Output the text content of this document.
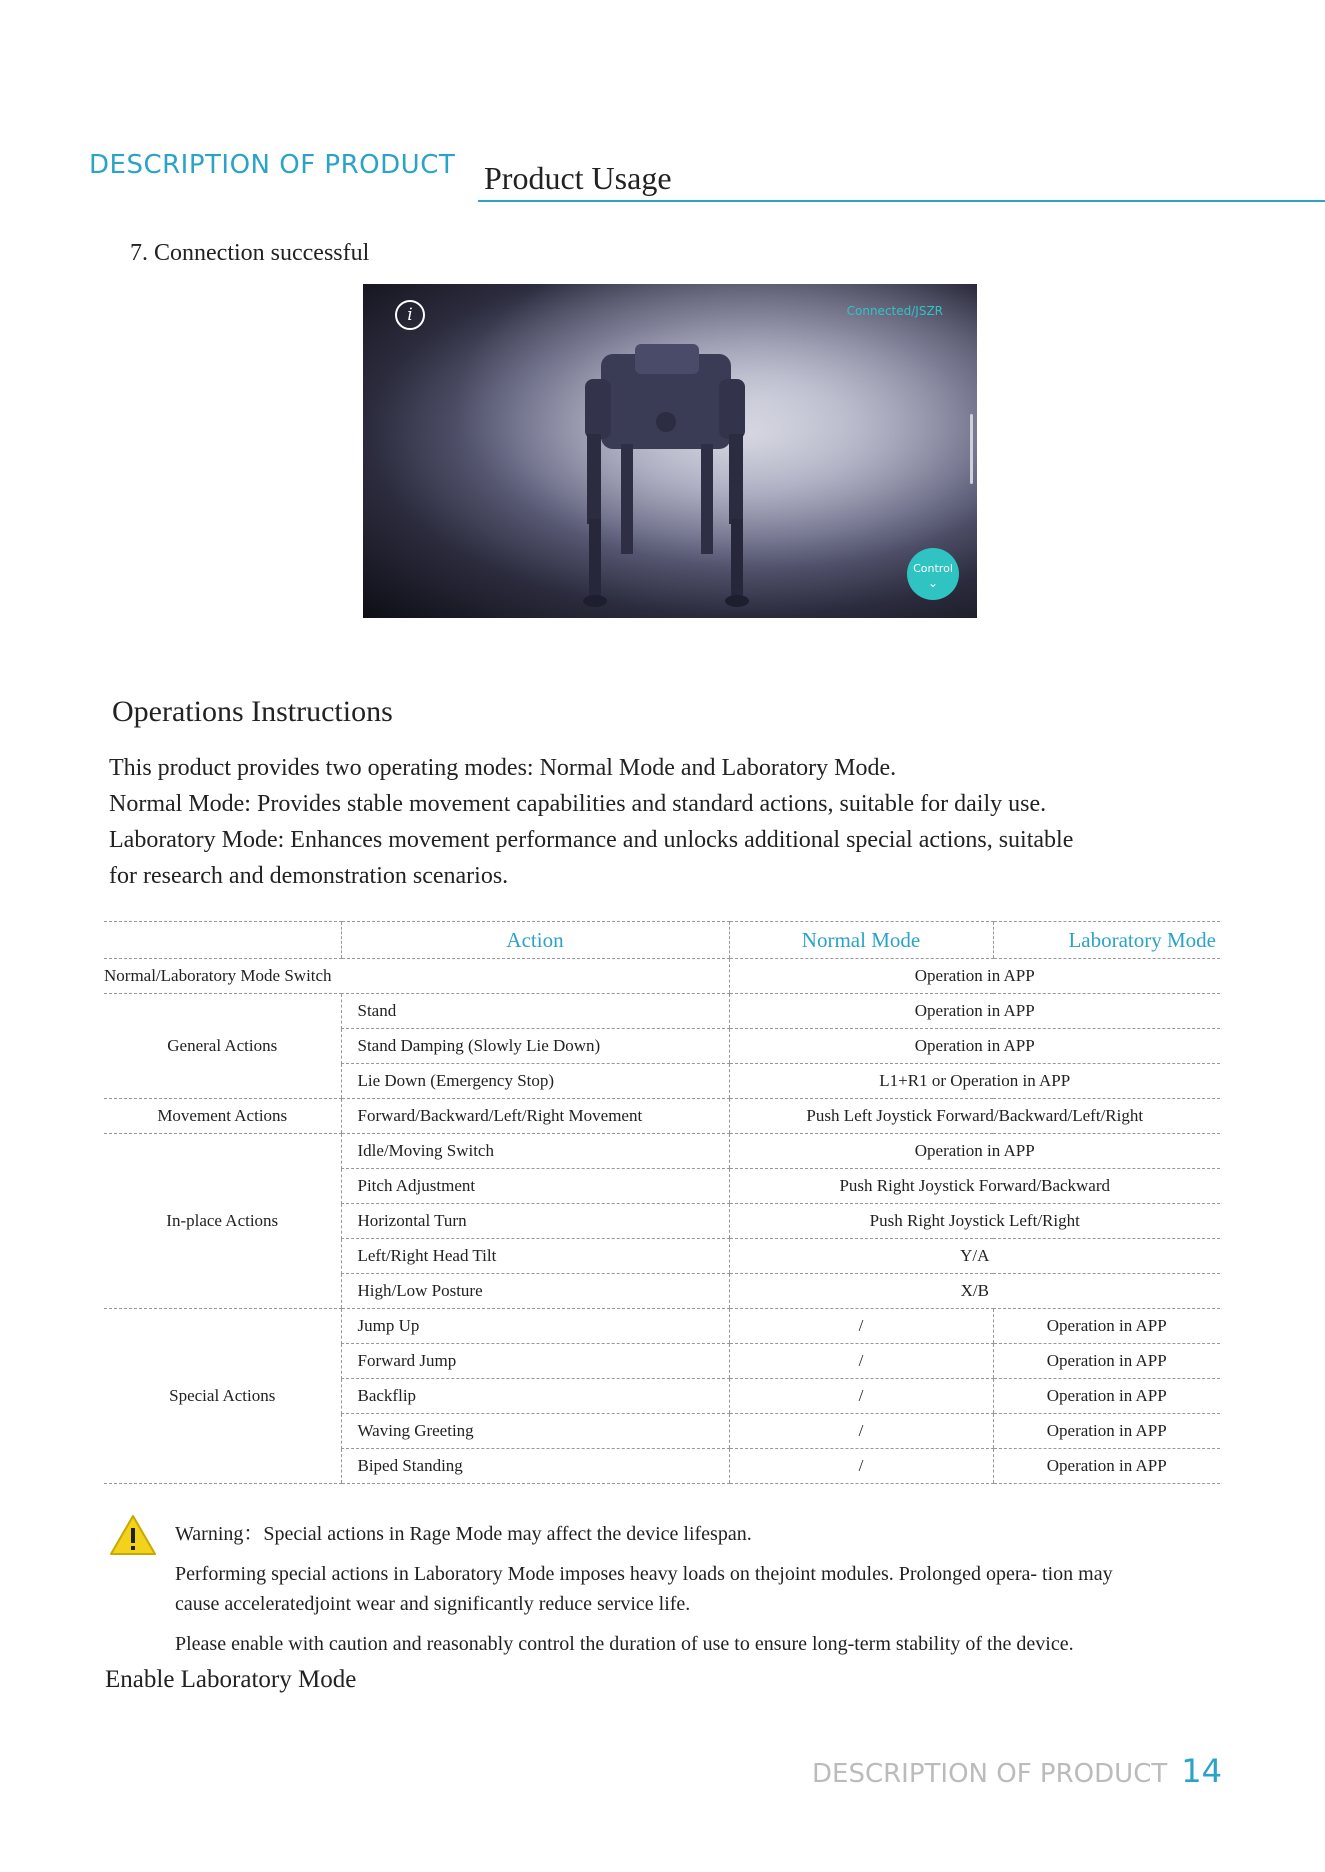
DESCRIPTION OF PRODUCT Product Usage
7. Connection successful
i	Connected/JSZR
Control
⌄
Operations Instructions
This product provides two operating modes: Normal Mode and Laboratory Mode.
Normal Mode: Provides stable movement capabilities and standard actions, suitable for daily use.
Laboratory Mode: Enhances movement performance and unlocks additional special actions, suitable
for research and demonstration scenarios.
	Action	Normal Mode	Laboratory Mode
Normal/Laboratory Mode Switch		Operation in APP	
General Actions	Stand	Operation in APP	
	Stand Damping (Slowly Lie Down)	Operation in APP	
	Lie Down (Emergency Stop)	L1+R1 or Operation in APP	
Movement Actions	Forward/Backward/Left/Right Movement	Push Left Joystick Forward/Backward/Left/Right	
In-place Actions	Idle/Moving Switch	Operation in APP	
	Pitch Adjustment	Push Right Joystick Forward/Backward	
	Horizontal Turn	Push Right Joystick Left/Right	
	Left/Right Head Tilt	Y/A	
	High/Low Posture	X/B	
Special Actions	Jump Up	/	Operation in APP
	Forward Jump	/	Operation in APP
	Backflip	/	Operation in APP
	Waving Greeting	/	Operation in APP
	Biped Standing	/	Operation in APP
Warning：Special actions in Rage Mode may affect the device lifespan.
Performing special actions in Laboratory Mode imposes heavy loads on thejoint modules. Prolonged opera- tion may
cause acceleratedjoint wear and significantly reduce service life.
Please enable with caution and reasonably control the duration of use to ensure long-term stability of the device.
Enable Laboratory Mode
DESCRIPTION OF PRODUCT 14
